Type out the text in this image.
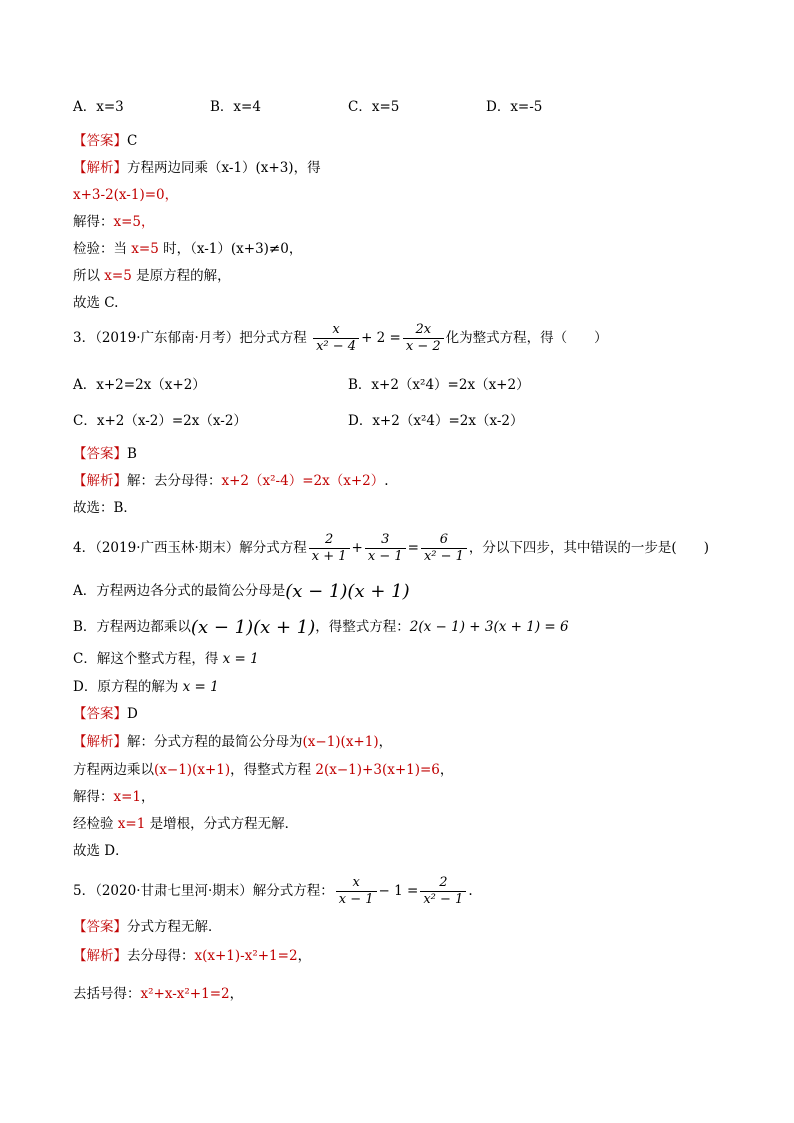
A．x=3	B．x=4	C．x=5	D．x=-5
【答案】C
【解析】方程两边同乘（x-1）(x+3)，得
x+3-2(x-1)=0，
解得：x=5，
检验：当 x=5 时，（x-1）(x+3)≠0，
所以 x=5 是原方程的解，
故选 C.
3．（2019·广东郁南·月考）把分式方程 $\frac{x}{\text{x² − 4}} + 2 = \frac{2x}{x - 2}$ 化为整式方程，得（　　）
A．x+2=2x（x+2）	B．x+2（x²4）=2x（x+2）
C．x+2（x-2）=2x（x-2）	D．x+2（x²4）=2x（x-2）
【答案】B
【解析】解：去分母得：x+2（x²-4）=2x（x+2）.
故选：B．
4．（2019·广西玉林·期末）解分式方程 $\frac{2}{x + 1} + \frac{3}{x - 1} = \frac{6}{\text{x² − 1}}$ ，分以下四步，其中错误的一步是(　　)
A．方程两边各分式的最简公分母是(x − 1)(x + 1)
B．方程两边都乘以(x − 1)(x + 1)，得整式方程：2(x − 1) + 3(x + 1) = 6
C．解这个整式方程，得 x = 1
D．原方程的解为 x = 1
【答案】D
【解析】解：分式方程的最简公分母为(x−1)(x+1)，
方程两边乘以(x−1)(x+1)，得整式方程 2(x−1)+3(x+1)=6，
解得：x=1，
经检验 x=1 是增根，分式方程无解．
故选 D．
5．（2020·甘肃七里河·期末）解分式方程： $\frac{x}{x - 1} - 1 = \frac{2}{\text{x² − 1}}$ .
【答案】分式方程无解．
【解析】去分母得：x(x+1)-x²+1=2，
去括号得：x²+x-x²+1=2，
